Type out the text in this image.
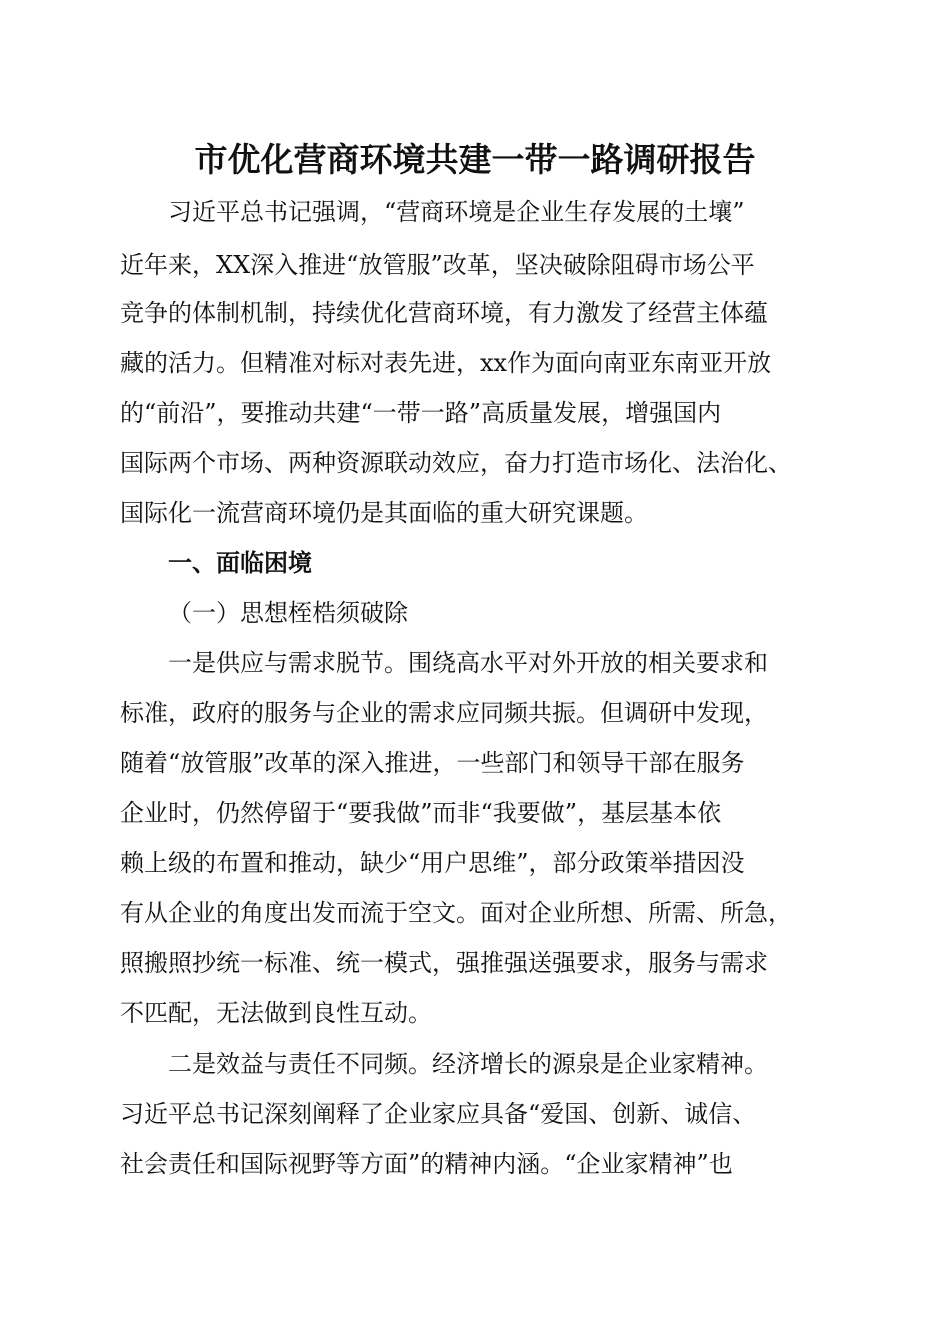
市优化营商环境共建一带一路调研报告

习近平总书记强调，“营商环境是企业生存发展的土壤”

近年来，XX深入推进“放管服”改革，坚决破除阻碍市场公平

竞争的体制机制，持续优化营商环境，有力激发了经营主体蕴

藏的活力。但精准对标对表先进，xx作为面向南亚东南亚开放

的“前沿”，要推动共建“一带一路”高质量发展，增强国内

国际两个市场、两种资源联动效应，奋力打造市场化、法治化、

国际化一流营商环境仍是其面临的重大研究课题。

一、面临困境

（一）思想桎梏须破除

一是供应与需求脱节。围绕高水平对外开放的相关要求和

标准，政府的服务与企业的需求应同频共振。但调研中发现，

随着“放管服”改革的深入推进，一些部门和领导干部在服务

企业时，仍然停留于“要我做”而非“我要做”，基层基本依

赖上级的布置和推动，缺少“用户思维”，部分政策举措因没

有从企业的角度出发而流于空文。面对企业所想、所需、所急，

照搬照抄统一标准、统一模式，强推强送强要求，服务与需求

不匹配，无法做到良性互动。

二是效益与责任不同频。经济增长的源泉是企业家精神。

习近平总书记深刻阐释了企业家应具备“爱国、创新、诚信、

社会责任和国际视野等方面”的精神内涵。“企业家精神”也
